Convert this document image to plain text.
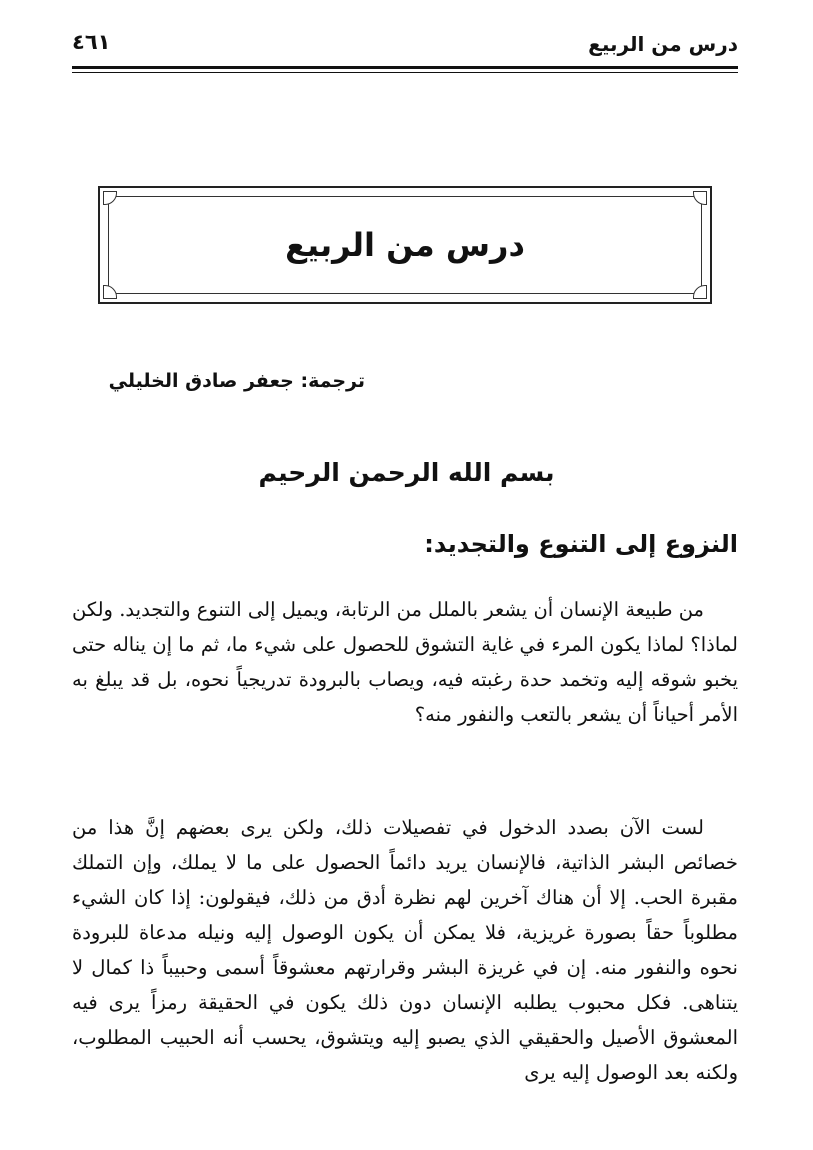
درس من الربيع
٤٦١
درس من الربيع
ترجمة: جعفر صادق الخليلي
بسم الله الرحمن الرحيم
النزوع إلى التنوع والتجديد:

من طبيعة الإنسان أن يشعر بالملل من الرتابة، ويميل إلى التنوع والتجديد. ولكن لماذا؟ لماذا يكون المرء في غاية التشوق للحصول على شيء ما، ثم ما إن يناله حتى يخبو شوقه إليه وتخمد حدة رغبته فيه، ويصاب بالبرودة تدريجياً نحوه، بل قد يبلغ به الأمر أحياناً أن يشعر بالتعب والنفور منه؟

لست الآن بصدد الدخول في تفصيلات ذلك، ولكن يرى بعضهم إنَّ هذا من خصائص البشر الذاتية، فالإنسان يريد دائماً الحصول على ما لا يملك، وإن التملك مقبرة الحب. إلا أن هناك آخرين لهم نظرة أدق من ذلك، فيقولون: إذا كان الشيء مطلوباً حقاً بصورة غريزية، فلا يمكن أن يكون الوصول إليه ونيله مدعاة للبرودة نحوه والنفور منه. إن في غريزة البشر وقرارتهم معشوقاً أسمى وحبيباً ذا كمال لا يتناهى. فكل محبوب يطلبه الإنسان دون ذلك يكون في الحقيقة رمزاً يرى فيه المعشوق الأصيل والحقيقي الذي يصبو إليه ويتشوق، يحسب أنه الحبيب المطلوب، ولكنه بعد الوصول إليه يرى
